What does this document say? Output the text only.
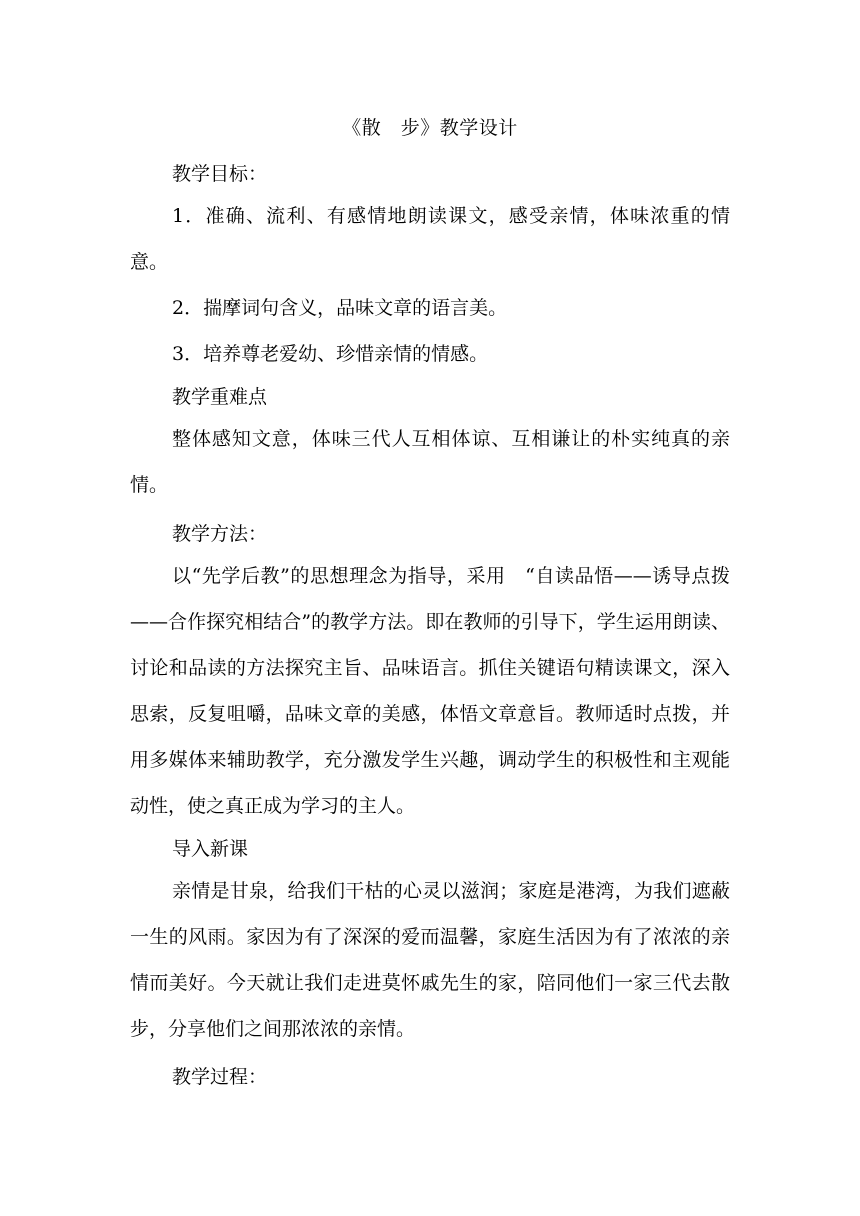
《散　步》教学设计
教学目标：
1．准确、流利、有感情地朗读课文，感受亲情，体味浓重的情意。
2．揣摩词句含义，品味文章的语言美。
3．培养尊老爱幼、珍惜亲情的情感。
教学重难点
整体感知文意，体味三代人互相体谅、互相谦让的朴实纯真的亲情。
教学方法：
以“先学后教”的思想理念为指导，采用　“自读品悟——诱导点拨——合作探究相结合”的教学方法。即在教师的引导下，学生运用朗读、讨论和品读的方法探究主旨、品味语言。抓住关键语句精读课文，深入思索，反复咀嚼，品味文章的美感，体悟文章意旨。教师适时点拨，并用多媒体来辅助教学，充分激发学生兴趣，调动学生的积极性和主观能动性，使之真正成为学习的主人。
导入新课
亲情是甘泉，给我们干枯的心灵以滋润；家庭是港湾，为我们遮蔽一生的风雨。家因为有了深深的爱而温馨，家庭生活因为有了浓浓的亲情而美好。今天就让我们走进莫怀戚先生的家，陪同他们一家三代去散步，分享他们之间那浓浓的亲情。
教学过程：
